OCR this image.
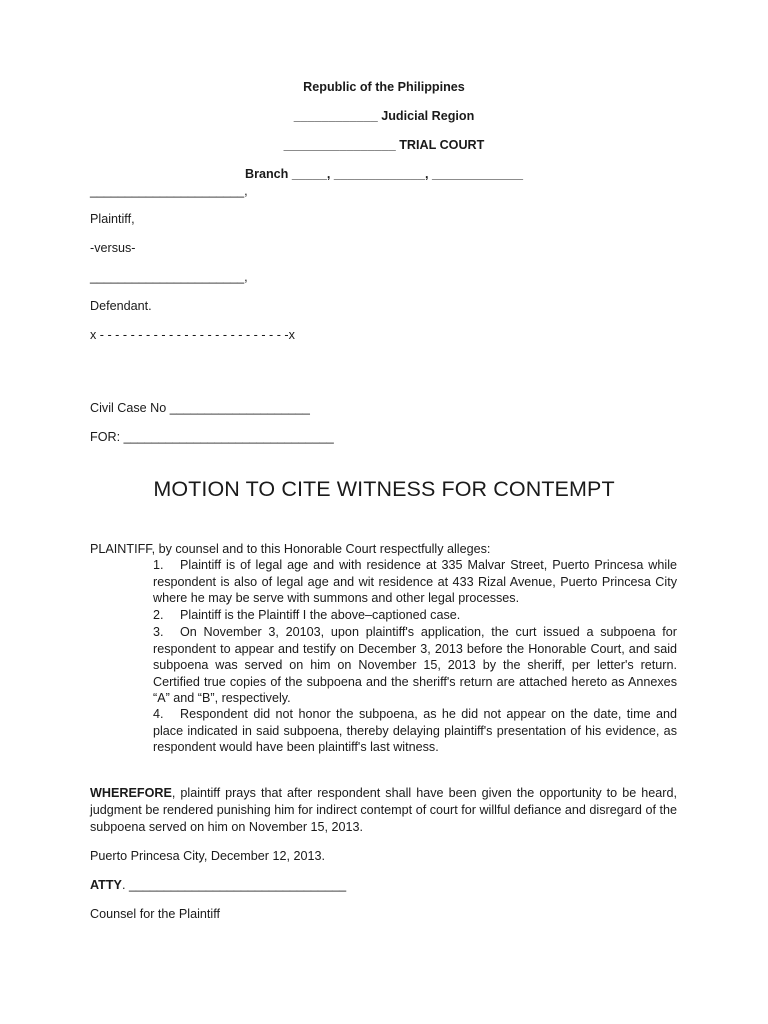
Republic of the Philippines
____________ Judicial Region
________________ TRIAL COURT
Branch _____, _____________, _____________
______________________,
Plaintiff,
-versus-
______________________,
Defendant.
x - - - - - - - - - - - - - - - - - - - - - - - - -x
Civil Case No ____________________
FOR: ______________________________
MOTION TO CITE WITNESS FOR CONTEMPT
PLAINTIFF, by counsel and to this Honorable Court respectfully alleges:
1. Plaintiff is of legal age and with residence at 335 Malvar Street, Puerto Princesa while respondent is also of legal age and wit residence at 433 Rizal Avenue, Puerto Princesa City where he may be serve with summons and other legal processes.
2. Plaintiff is the Plaintiff I the above–captioned case.
3. On November 3, 20103, upon plaintiff's application, the curt issued a subpoena for respondent to appear and testify on December 3, 2013 before the Honorable Court, and said subpoena was served on him on November 15, 2013 by the sheriff, per letter's return. Certified true copies of the subpoena and the sheriff's return are attached hereto as Annexes “A” and “B”, respectively.
4. Respondent did not honor the subpoena, as he did not appear on the date, time and place indicated in said subpoena, thereby delaying plaintiff's presentation of his evidence, as respondent would have been plaintiff's last witness.
WHEREFORE, plaintiff prays that after respondent shall have been given the opportunity to be heard, judgment be rendered punishing him for indirect contempt of court for willful defiance and disregard of the subpoena served on him on November 15, 2013.
Puerto Princesa City, December 12, 2013.
ATTY. _______________________________
Counsel for the Plaintiff
